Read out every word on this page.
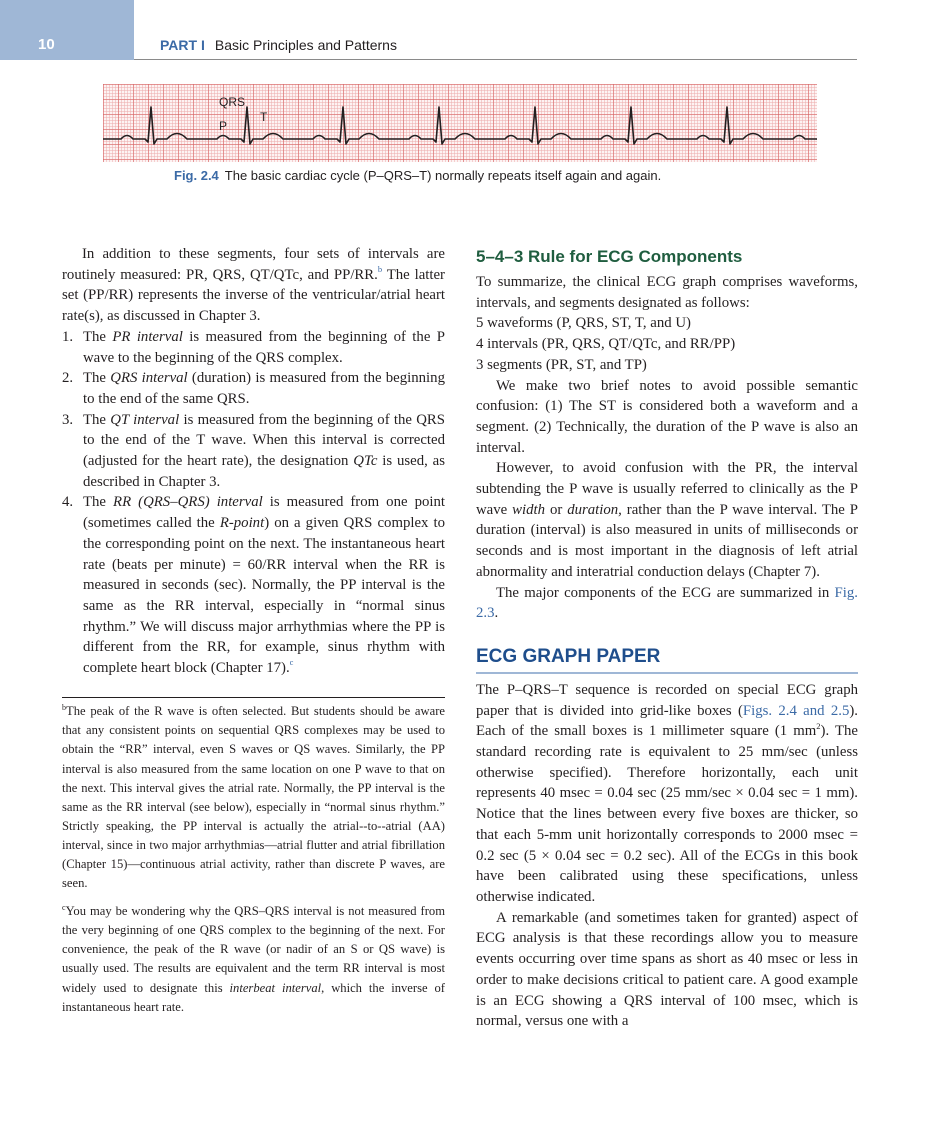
10	PART I Basic Principles and Patterns
QRS
P
T
Fig. 2.4 The basic cardiac cycle (P–QRS–T) normally repeats itself again and again.

In addition to these segments, four sets of intervals are routinely measured: PR, QRS, QT/QTc, and PP/RR.$^b$ The latter set (PP/RR) represents the inverse of the ventricular/atrial heart rate(s), as discussed in Chapter 3.

1. The PR interval is measured from the beginning of the P wave to the beginning of the QRS complex.
2. The QRS interval (duration) is measured from the beginning to the end of the same QRS.
3. The QT interval is measured from the beginning of the QRS to the end of the T wave. When this interval is corrected (adjusted for the heart rate), the designation QTc is used, as described in Chapter 3.
4. The RR (QRS–QRS) interval is measured from one point (sometimes called the R-point) on a given QRS complex to the corresponding point on the next. The instantaneous heart rate (beats per minute) = 60/RR interval when the RR is measured in seconds (sec). Normally, the PP interval is the same as the RR interval, especially in “normal sinus rhythm.” We will discuss major arrhythmias where the PP is different from the RR, for example, sinus rhythm with complete heart block (Chapter 17).$^c$

$^b$The peak of the R wave is often selected. But students should be aware that any consistent points on sequential QRS complexes may be used to obtain the “RR” interval, even S waves or QS waves. Similarly, the PP interval is also measured from the same location on one P wave to that on the next. This interval gives the atrial rate. Normally, the PP interval is the same as the RR interval (see below), especially in “normal sinus rhythm.” Strictly speaking, the PP interval is actually the atrial--to--atrial (AA) interval, since in two major arrhythmias—atrial flutter and atrial fibrillation (Chapter 15)—continuous atrial activity, rather than discrete P waves, are seen.

$^c$You may be wondering why the QRS–QRS interval is not measured from the very beginning of one QRS complex to the beginning of the next. For convenience, the peak of the R wave (or nadir of an S or QS wave) is usually used. The results are equivalent and the term RR interval is most widely used to designate this interbeat interval, which the inverse of instantaneous heart rate.

5–4–3 Rule for ECG Components

To summarize, the clinical ECG graph comprises waveforms, intervals, and segments designated as follows:

5 waveforms (P, QRS, ST, T, and U)
4 intervals (PR, QRS, QT/QTc, and RR/PP)
3 segments (PR, ST, and TP)

We make two brief notes to avoid possible semantic confusion: (1) The ST is considered both a waveform and a segment. (2) Technically, the duration of the P wave is also an interval.

However, to avoid confusion with the PR, the interval subtending the P wave is usually referred to clinically as the P wave width or duration, rather than the P wave interval. The P duration (interval) is also measured in units of milliseconds or seconds and is most important in the diagnosis of left atrial abnormality and interatrial conduction delays (Chapter 7).

The major components of the ECG are summarized in Fig. 2.3.

ECG GRAPH PAPER

The P–QRS–T sequence is recorded on special ECG graph paper that is divided into grid-like boxes (Figs. 2.4 and 2.5). Each of the small boxes is 1 millimeter square (1 $mm^2$). The standard recording rate is equivalent to 25 mm/sec (unless otherwise specified). Therefore horizontally, each unit represents 40 msec = 0.04 sec (25 mm/sec × 0.04 sec = 1 mm). Notice that the lines between every five boxes are thicker, so that each 5-mm unit horizontally corresponds to 2000 msec = 0.2 sec (5 × 0.04 sec = 0.2 sec). All of the ECGs in this book have been calibrated using these specifications, unless otherwise indicated.

A remarkable (and sometimes taken for granted) aspect of ECG analysis is that these recordings allow you to measure events occurring over time spans as short as 40 msec or less in order to make decisions critical to patient care. A good example is an ECG showing a QRS interval of 100 msec, which is normal, versus one with a
